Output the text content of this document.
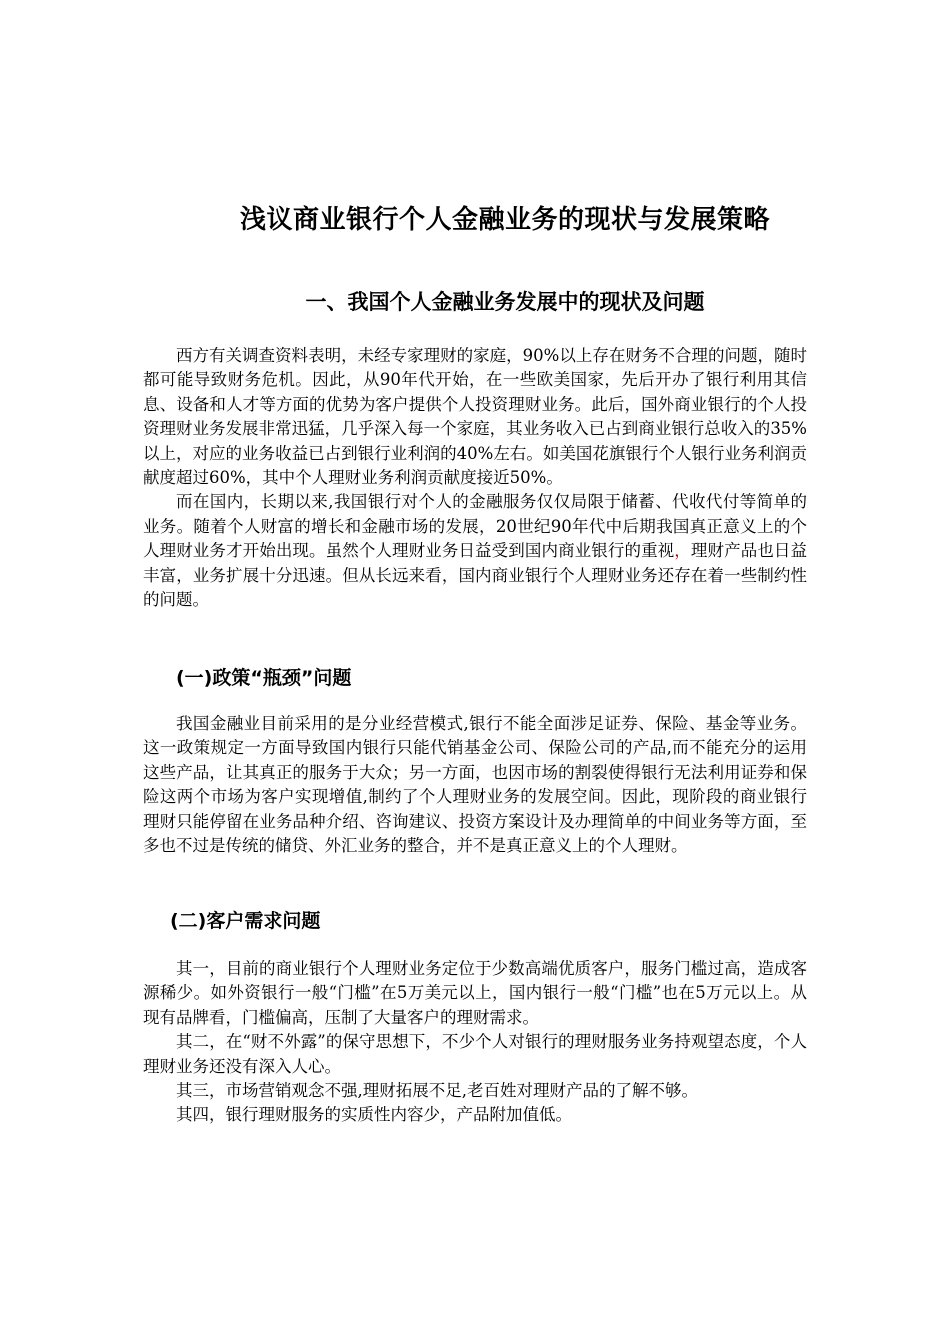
浅议商业银行个人金融业务的现状与发展策略
一、我国个人金融业务发展中的现状及问题

西方有关调查资料表明，未经专家理财的家庭，90%以上存在财务不合理的问题，随时都可能导致财务危机。因此，从90年代开始，在一些欧美国家，先后开办了银行利用其信息、设备和人才等方面的优势为客户提供个人投资理财业务。此后，国外商业银行的个人投资理财业务发展非常迅猛，几乎深入每一个家庭，其业务收入已占到商业银行总收入的35%以上，对应的业务收益已占到银行业利润的40%左右。如美国花旗银行个人银行业务利润贡献度超过60%，其中个人理财业务利润贡献度接近50%。

而在国内，长期以来,我国银行对个人的金融服务仅仅局限于储蓄、代收代付等简单的业务。随着个人财富的增长和金融市场的发展，20世纪90年代中后期我国真正意义上的个人理财业务才开始出现。虽然个人理财业务日益受到国内商业银行的重视，理财产品也日益丰富，业务扩展十分迅速。但从长远来看，国内商业银行个人理财业务还存在着一些制约性的问题。

(一)政策“瓶颈”问题

我国金融业目前采用的是分业经营模式,银行不能全面涉足证券、保险、基金等业务。这一政策规定一方面导致国内银行只能代销基金公司、保险公司的产品,而不能充分的运用这些产品，让其真正的服务于大众；另一方面，也因市场的割裂使得银行无法利用证券和保险这两个市场为客户实现增值,制约了个人理财业务的发展空间。因此，现阶段的商业银行理财只能停留在业务品种介绍、咨询建议、投资方案设计及办理简单的中间业务等方面，至多也不过是传统的储贷、外汇业务的整合，并不是真正意义上的个人理财。

(二)客户需求问题

其一，目前的商业银行个人理财业务定位于少数高端优质客户，服务门槛过高，造成客源稀少。如外资银行一般“门槛”在5万美元以上，国内银行一般“门槛”也在5万元以上。从现有品牌看，门槛偏高，压制了大量客户的理财需求。

其二，在“财不外露”的保守思想下，不少个人对银行的理财服务业务持观望态度，个人理财业务还没有深入人心。

其三，市场营销观念不强,理财拓展不足,老百姓对理财产品的了解不够。

其四，银行理财服务的实质性内容少，产品附加值低。
